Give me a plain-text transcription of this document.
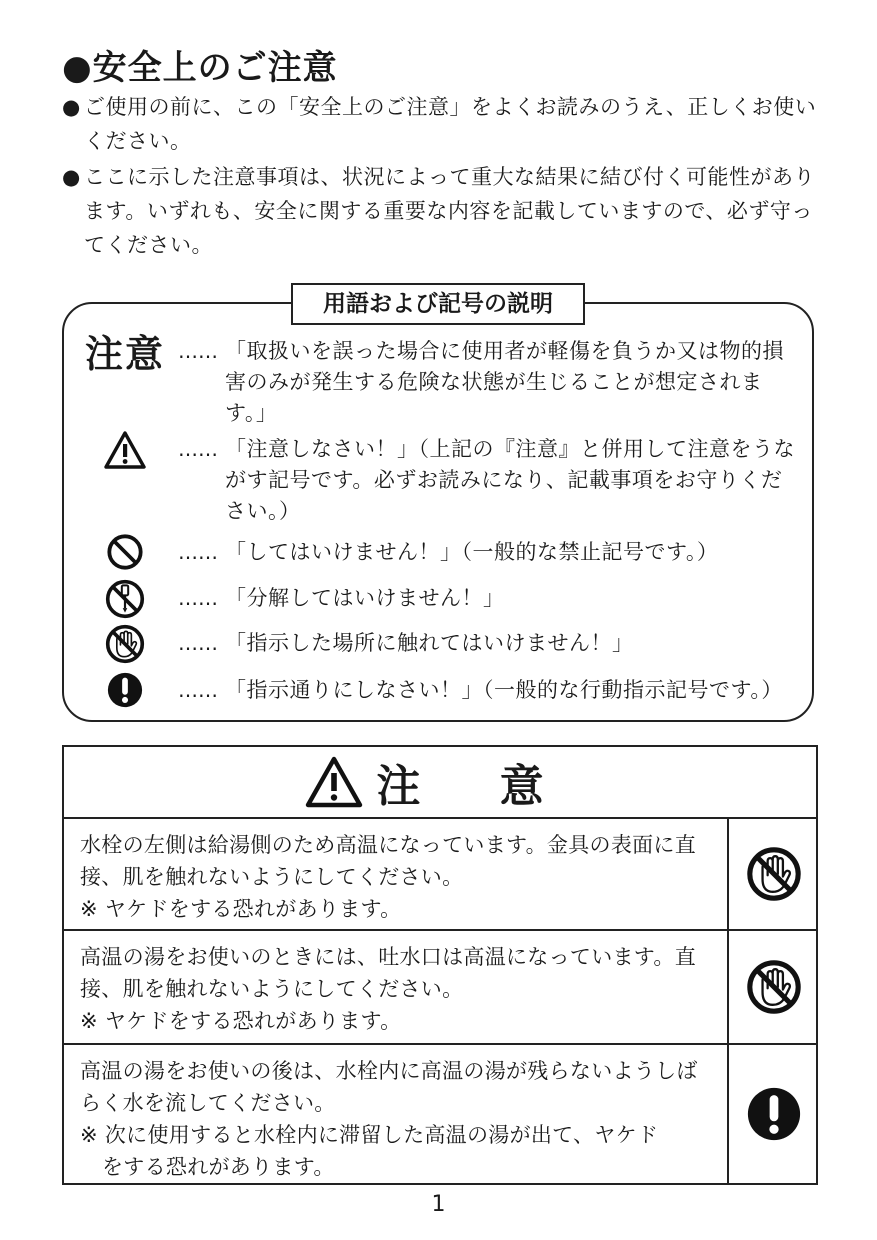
●安全上のご注意
● ご使用の前に、この「安全上のご注意」をよくお読みのうえ、正しくお使いください。
● ここに示した注意事項は、状況によって重大な結果に結び付く可能性があります。いずれも、安全に関する重要な内容を記載していますので、必ず守ってください。
用語および記号の説明
注意 …… 「取扱いを誤った場合に使用者が軽傷を負うか又は物的損害のみが発生する危険な状態が生じることが想定されます。」
…… 「注意しなさい！」（上記の『注意』と併用して注意をうながす記号です。必ずお読みになり、記載事項をお守りください。）
…… 「してはいけません！」（一般的な禁止記号です。）
…… 「分解してはいけません！」
…… 「指示した場所に触れてはいけません！」
…… 「指示通りにしなさい！」（一般的な行動指示記号です。）
注 意
水栓の左側は給湯側のため高温になっています。金具の表面に直接、肌を触れないようにしてください。
※ ヤケドをする恐れがあります。
高温の湯をお使いのときには、吐水口は高温になっています。直接、肌を触れないようにしてください。
※ ヤケドをする恐れがあります。
高温の湯をお使いの後は、水栓内に高温の湯が残らないようしばらく水を流してください。
※ 次に使用すると水栓内に滞留した高温の湯が出て、ヤケド
をする恐れがあります。
1
